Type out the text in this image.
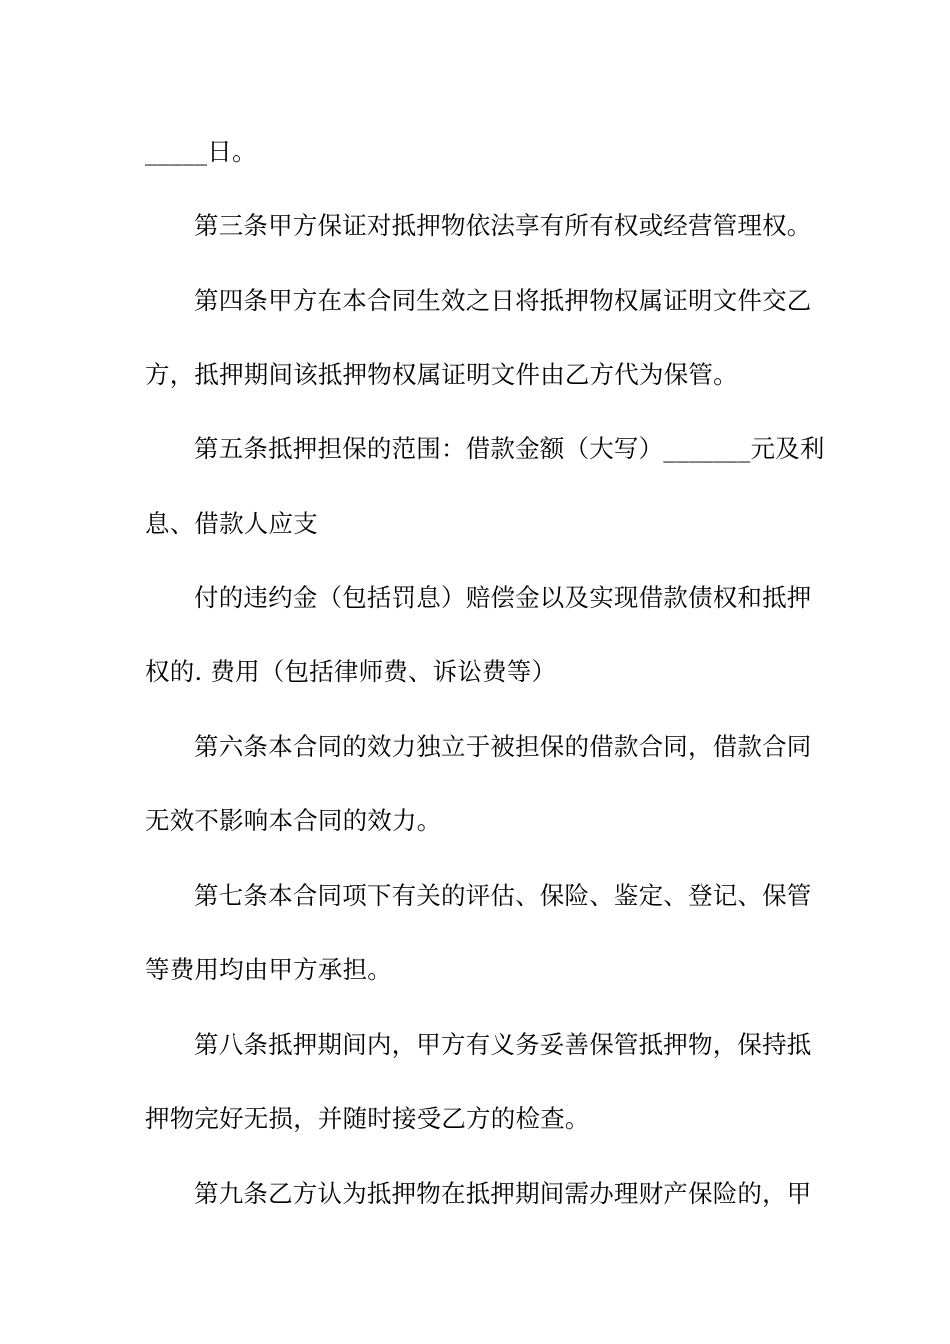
_____日。

第三条甲方保证对抵押物依法享有所有权或经营管理权。

第四条甲方在本合同生效之日将抵押物权属证明文件交乙

方，抵押期间该抵押物权属证明文件由乙方代为保管。

第五条抵押担保的范围：借款金额（大写）_______元及利

息、借款人应支

付的违约金（包括罚息）赔偿金以及实现借款债权和抵押

权的. 费用（包括律师费、诉讼费等）

第六条本合同的效力独立于被担保的借款合同，借款合同

无效不影响本合同的效力。

第七条本合同项下有关的评估、保险、鉴定、登记、保管

等费用均由甲方承担。

第八条抵押期间内，甲方有义务妥善保管抵押物，保持抵

押物完好无损，并随时接受乙方的检查。

第九条乙方认为抵押物在抵押期间需办理财产保险的，甲
